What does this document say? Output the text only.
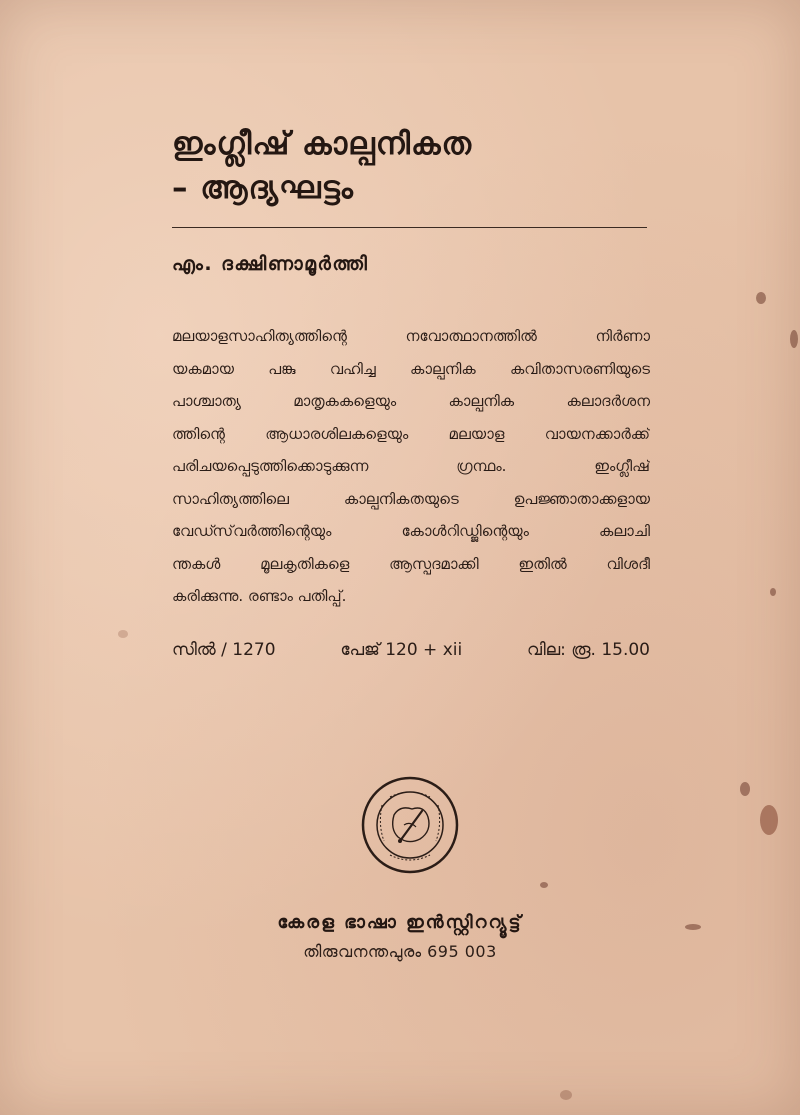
ഇംഗ്ലീഷ് കാല്പനികത
– ആദ്യഘട്ടം
എം. ദക്ഷിണാമൂർത്തി
മലയാളസാഹിത്യത്തിന്റെ നവോത്ഥാനത്തിൽ നിർണാ
യകമായ പങ്കു വഹിച്ച കാല്പനിക കവിതാസരണിയുടെ
പാശ്ചാത്യ മാതൃകകളെയും കാല്പനിക കലാദർശന
ത്തിന്റെ ആധാരശിലകളെയും മലയാള വായനക്കാർക്ക്
പരിചയപ്പെടുത്തിക്കൊടുക്കുന്ന ഗ്രന്ഥം. ഇംഗ്ലീഷ്
സാഹിത്യത്തിലെ കാല്പനികതയുടെ ഉപജ്ഞാതാക്കളായ
വേഡ്സ്‌വർത്തിന്റെയും കോൾറിഡ്ജിന്റെയും കലാചി
ന്തകൾ മൂലകൃതികളെ ആസ്പദമാക്കി ഇതിൽ വിശദീ
കരിക്കുന്നു. രണ്ടാം പതിപ്പ്.
സിൽ / 1270	പേജ് 120 + xii	വില: രൂ. 15.00
കേരള ഭാഷാ ഇൻസ്റ്റിററ്യൂട്ട്
തിരുവനന്തപുരം 695 003
